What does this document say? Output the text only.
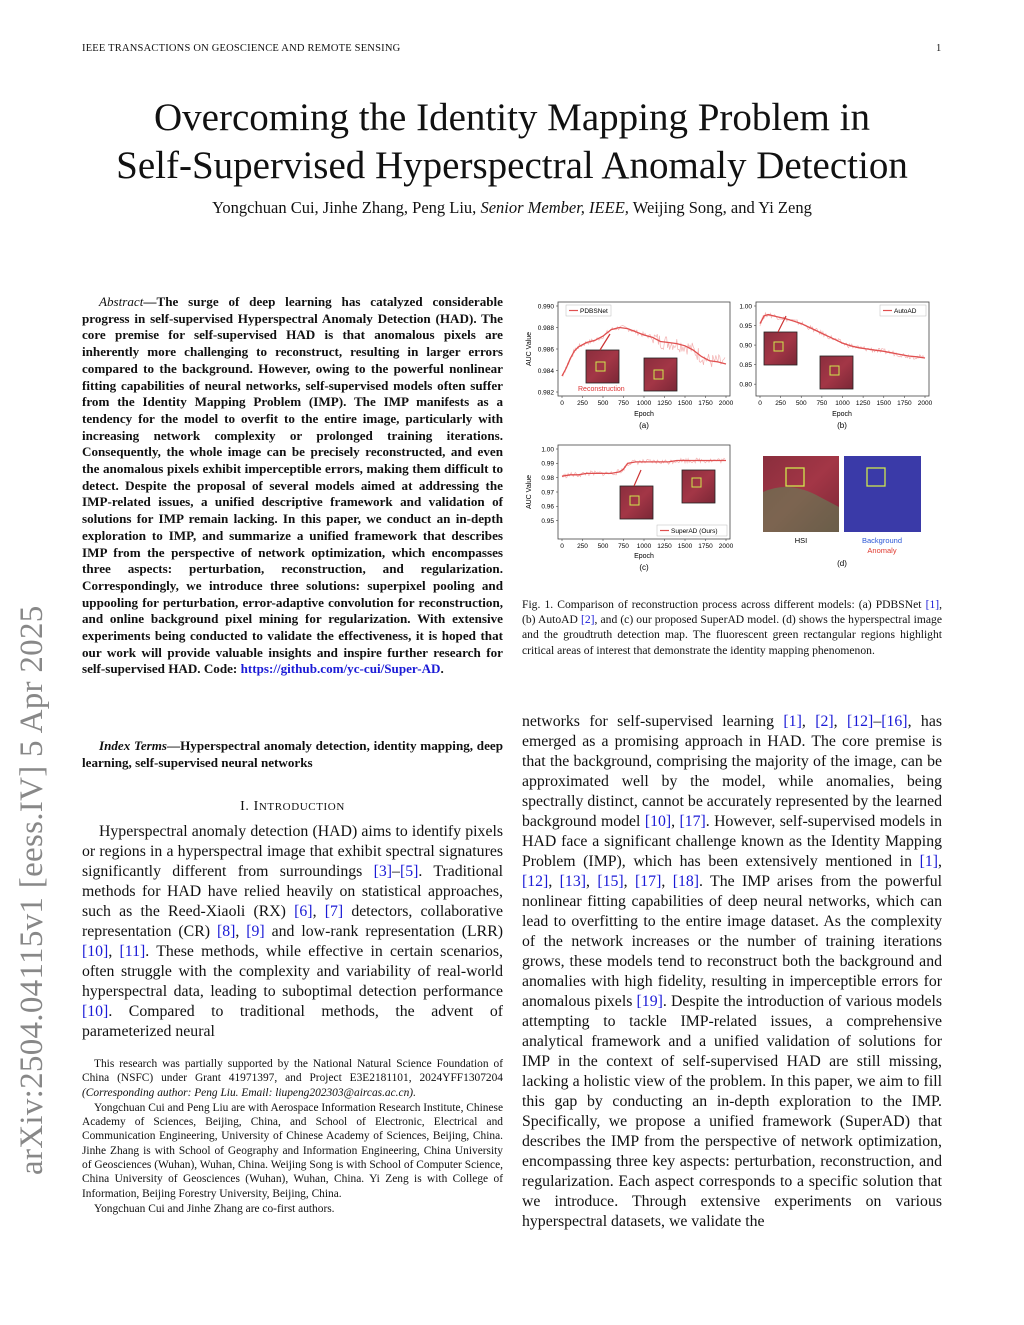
IEEE TRANSACTIONS ON GEOSCIENCE AND REMOTE SENSING	1
arXiv:2504.04115v1 [eess.IV] 5 Apr 2025
Overcoming the Identity Mapping Problem in
Self-Supervised Hyperspectral Anomaly Detection
Yongchuan Cui, Jinhe Zhang, Peng Liu, Senior Member, IEEE, Weijing Song, and Yi Zeng
Abstract—The surge of deep learning has catalyzed considerable progress in self-supervised Hyperspectral Anomaly Detection (HAD). The core premise for self-supervised HAD is that anomalous pixels are inherently more challenging to reconstruct, resulting in larger errors compared to the background. However, owing to the powerful nonlinear fitting capabilities of neural networks, self-supervised models often suffer from the Identity Mapping Problem (IMP). The IMP manifests as a tendency for the model to overfit to the entire image, particularly with increasing network complexity or prolonged training iterations. Consequently, the whole image can be precisely reconstructed, and even the anomalous pixels exhibit imperceptible errors, making them difficult to detect. Despite the proposal of several models aimed at addressing the IMP-related issues, a unified descriptive framework and validation of solutions for IMP remain lacking. In this paper, we conduct an in-depth exploration to IMP, and summarize a unified framework that describes IMP from the perspective of network optimization, which encompasses three aspects: perturbation, reconstruction, and regularization. Correspondingly, we introduce three solutions: superpixel pooling and uppooling for perturbation, error-adaptive convolution for reconstruction, and online background pixel mining for regularization. With extensive experiments being conducted to validate the effectiveness, it is hoped that our work will provide valuable insights and inspire further research for self-supervised HAD. Code: https://github.com/yc-cui/Super-AD.
Index Terms—Hyperspectral anomaly detection, identity mapping, deep learning, self-supervised neural networks
I. INTRODUCTION
Hyperspectral anomaly detection (HAD) aims to identify pixels or regions in a hyperspectral image that exhibit spectral signatures significantly different from surroundings [3]–[5]. Traditional methods for HAD have relied heavily on statistical approaches, such as the Reed-Xiaoli (RX) [6], [7] detectors, collaborative representation (CR) [8], [9] and low-rank representation (LRR) [10], [11]. These methods, while effective in certain scenarios, often struggle with the complexity and variability of real-world hyperspectral data, leading to suboptimal detection performance [10]. Compared to traditional methods, the advent of parameterized neural

This research was partially supported by the National Natural Science Foundation of China (NSFC) under Grant 41971397, and Project E3E2181101, 2024YFF1307204 (Corresponding author: Peng Liu. Email: liupeng202303@aircas.ac.cn).

Yongchuan Cui and Peng Liu are with Aerospace Information Research Institute, Chinese Academy of Sciences, Beijing, China, and School of Electronic, Electrical and Communication Engineering, University of Chinese Academy of Sciences, Beijing, China. Jinhe Zhang is with School of Geography and Information Engineering, China University of Geosciences (Wuhan), Wuhan, China. Weijing Song is with School of Computer Science, China University of Geosciences (Wuhan), Wuhan, China. Yi Zeng is with College of Information, Beijing Forestry University, Beijing, China.

Yongchuan Cui and Jinhe Zhang are co-first authors.

networks for self-supervised learning [1], [2], [12]–[16], has emerged as a promising approach in HAD. The core premise is that the background, comprising the majority of the image, can be approximated well by the model, while anomalies, being spectrally distinct, cannot be accurately represented by the learned background model [10], [17]. However, self-supervised models in HAD face a significant challenge known as the Identity Mapping Problem (IMP), which has been extensively mentioned in [1], [12], [13], [15], [17], [18]. The IMP arises from the powerful nonlinear fitting capabilities of deep neural networks, which can lead to overfitting to the entire image dataset. As the complexity of the network increases or the number of training iterations grows, these models tend to reconstruct both the background and anomalies with high fidelity, resulting in imperceptible errors for anomalous pixels [19]. Despite the introduction of various models attempting to tackle IMP-related issues, a comprehensive analytical framework and a unified validation of solutions for IMP in the context of self-supervised HAD are still missing, lacking a holistic view of the problem. In this paper, we aim to fill this gap by conducting an in-depth exploration to the IMP. Specifically, we propose a unified framework (SuperAD) that describes the IMP from the perspective of network optimization, encompassing three key aspects: perturbation, reconstruction, and regularization. Each aspect corresponds to a specific solution that we introduce. Through extensive experiments on various hyperspectral datasets, we validate the
0.982
0.984
0.986
0.988
0.990
0 250 500 750 1000 1250 1500 1750 2000
PDBSNet
Reconstruction
AUC Value
Epoch
(a)
0.80
0.85
0.90
0.95
1.00
0 250 500 750 1000 1250 1500 1750 2000
AutoAD
Epoch
(b)
0.95
0.96
0.97
0.98
0.99
1.00
0 250 500 750 1000 1250 1500 1750 2000
SuperAD (Ours)
AUC Value
Epoch
(c)
HSI	Background
Anomaly
(d)
Fig. 1. Comparison of reconstruction process across different models: (a) PDBSNet [1], (b) AutoAD [2], and (c) our proposed SuperAD model. (d) shows the hyperspectral image and the groudtruth detection map. The fluorescent green rectangular regions highlight critical areas of interest that demonstrate the identity mapping phenomenon.
